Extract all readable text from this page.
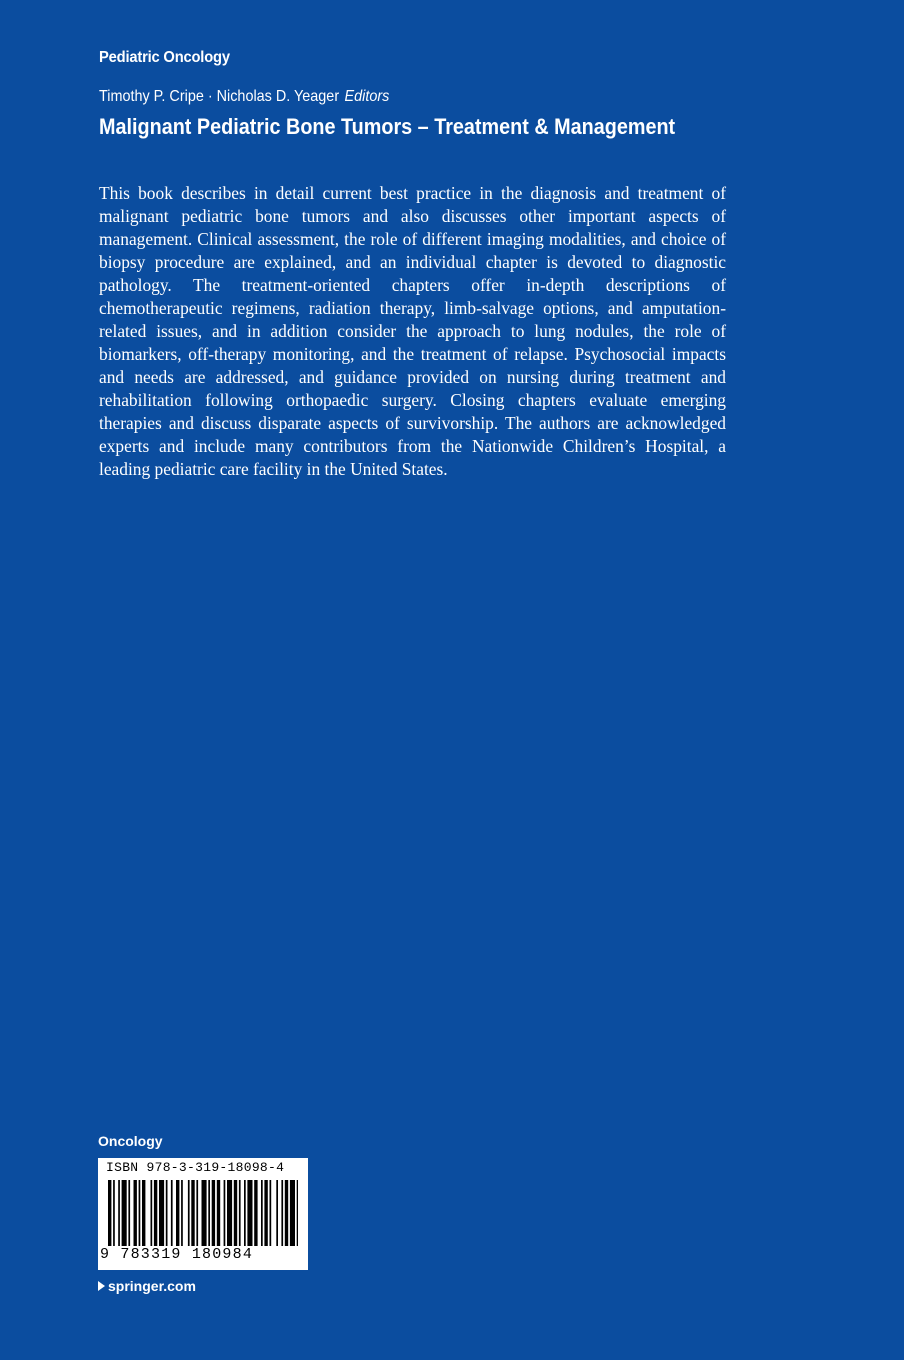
Pediatric Oncology
Timothy P. Cripe · Nicholas D. Yeager Editors
Malignant Pediatric Bone Tumors – Treatment & Management

This book describes in detail current best practice in the diagnosis and treatment of malignant pediatric bone tumors and also discusses other important aspects of management. Clinical assessment, the role of different imaging modalities, and choice of biopsy procedure are explained, and an individual chapter is devoted to diagnostic pathology. The treatment-oriented chapters offer in-depth descriptions of chemotherapeutic regimens, radiation therapy, limb-salvage options, and amputation-related issues, and in addition consider the approach to lung nodules, the role of biomarkers, off-therapy monitoring, and the treatment of relapse. Psychosocial impacts and needs are addressed, and guidance provided on nursing during treatment and rehabilitation following orthopaedic surgery. Closing chapters evaluate emerging therapies and discuss disparate aspects of survivorship. The authors are acknowledged experts and include many contributors from the Nationwide Children’s Hospital, a leading pediatric care facility in the United States.

Oncology
ISBN 978-3-319-18098-4
9 783319 180984
springer.com
